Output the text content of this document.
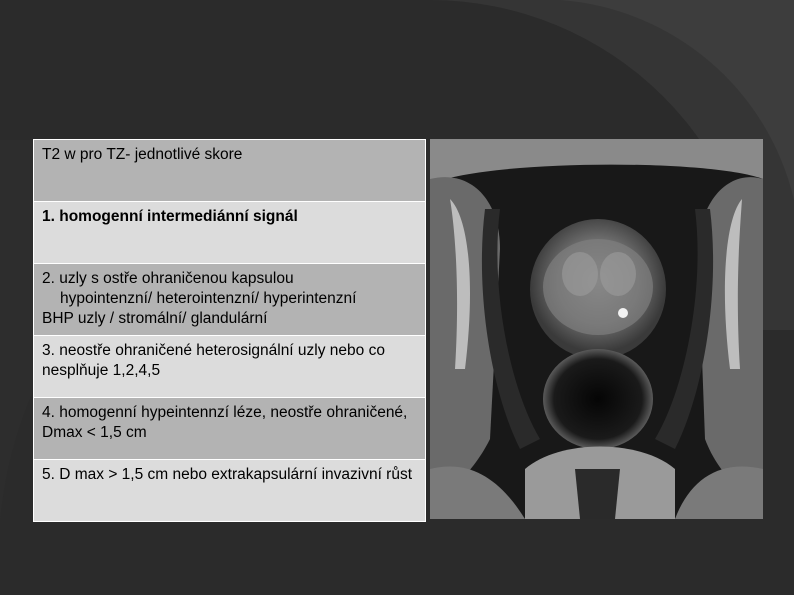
T2 w pro TZ- jednotlivé skore
1. homogenní intermediánní signál
2. uzly s ostře ohraničenou kapsulou
hypointenzní/ heterointenzní/ hyperintenzní
BHP uzly / stromální/ glandulární
3. neostře ohraničené heterosignální uzly nebo co nesplňuje 1,2,4,5
4. homogenní hypeintennzí léze, neostře ohraničené, Dmax < 1,5 cm
5. D max > 1,5 cm nebo extrakapsulární invazivní růst
